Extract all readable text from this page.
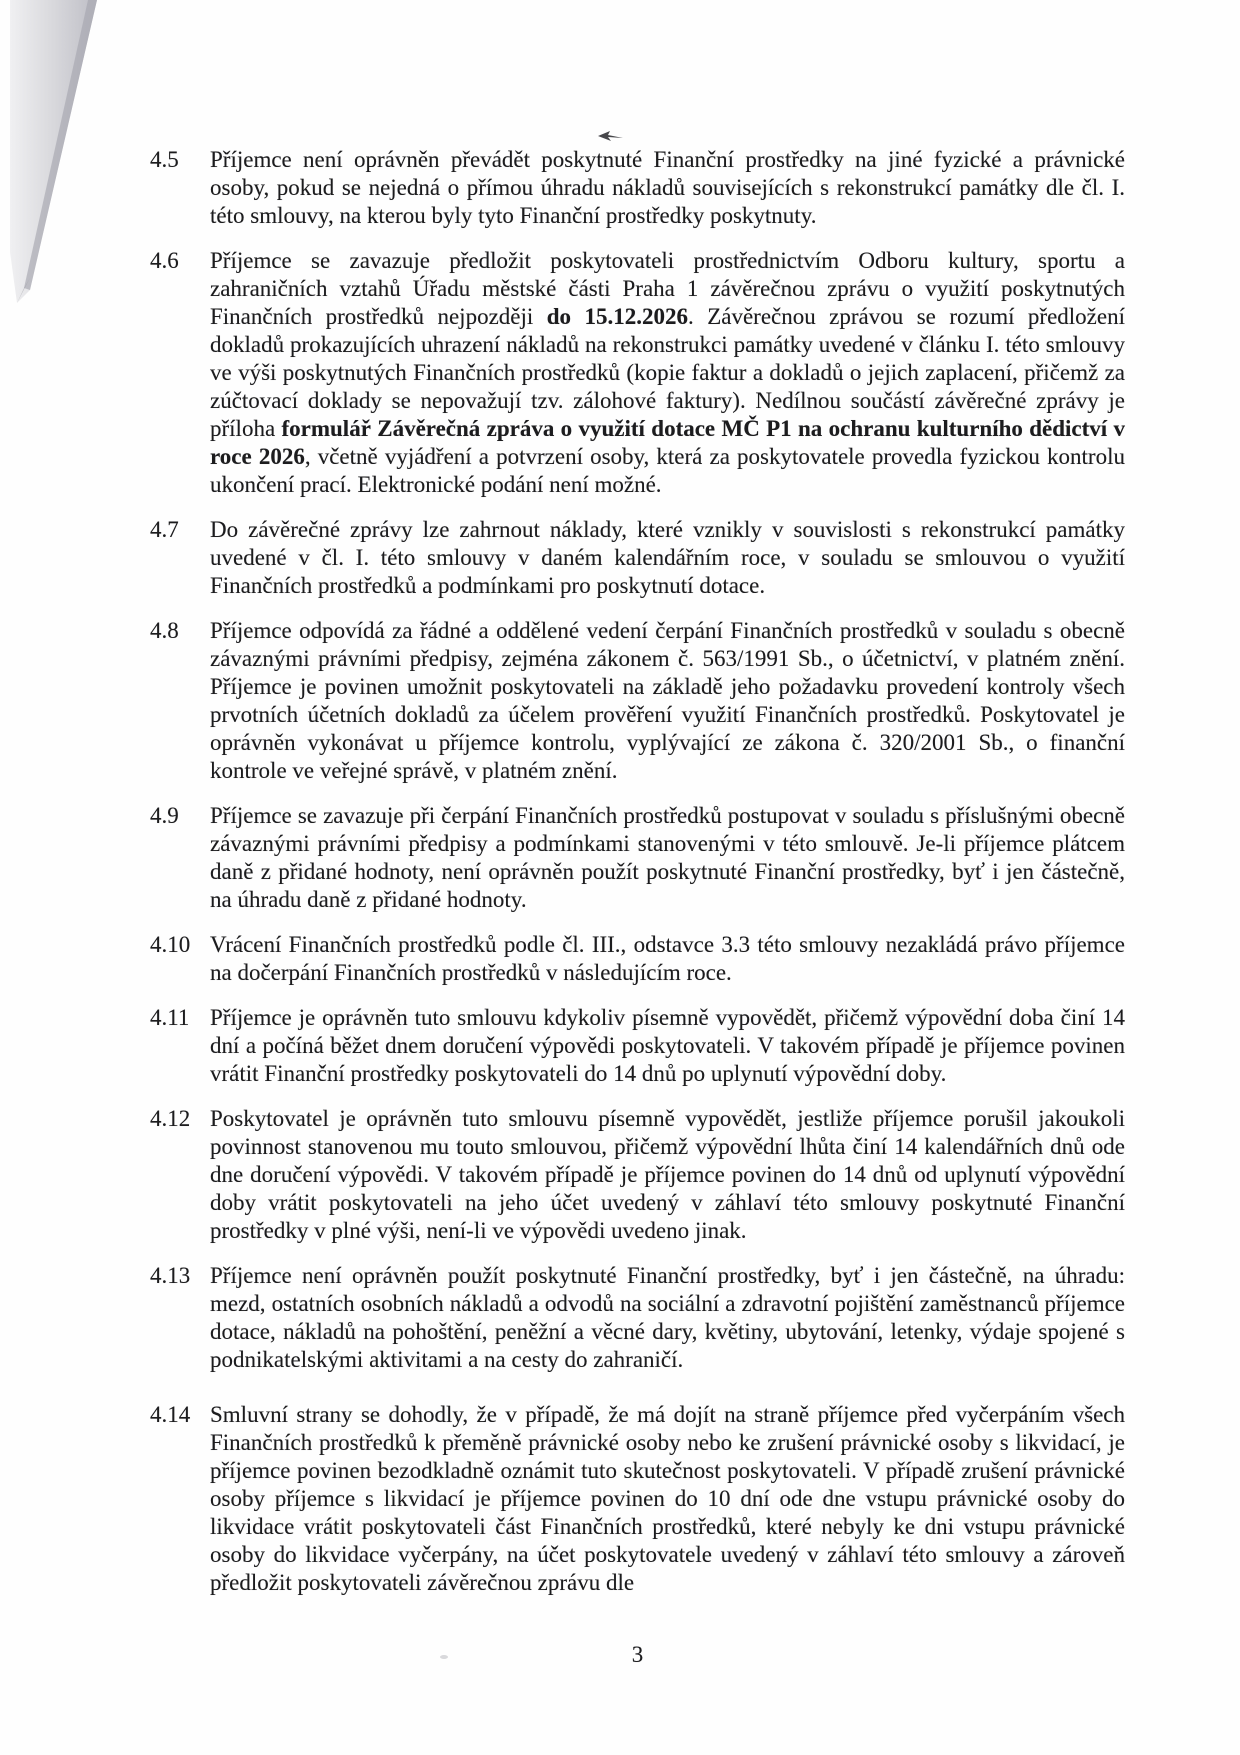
4.5 Příjemce není oprávněn převádět poskytnuté Finanční prostředky na jiné fyzické a právnické osoby, pokud se nejedná o přímou úhradu nákladů souvisejících s rekonstrukcí památky dle čl. I. této smlouvy, na kterou byly tyto Finanční prostředky poskytnuty.
4.6 Příjemce se zavazuje předložit poskytovateli prostřednictvím Odboru kultury, sportu a zahraničních vztahů Úřadu městské části Praha 1 závěrečnou zprávu o využití poskytnutých Finančních prostředků nejpozději do 15.12.2026. Závěrečnou zprávou se rozumí předložení dokladů prokazujících uhrazení nákladů na rekonstrukci památky uvedené v článku I. této smlouvy ve výši poskytnutých Finančních prostředků (kopie faktur a dokladů o jejich zaplacení, přičemž za zúčtovací doklady se nepovažují tzv. zálohové faktury). Nedílnou součástí závěrečné zprávy je příloha formulář Závěrečná zpráva o využití dotace MČ P1 na ochranu kulturního dědictví v roce 2026, včetně vyjádření a potvrzení osoby, která za poskytovatele provedla fyzickou kontrolu ukončení prací. Elektronické podání není možné.
4.7 Do závěrečné zprávy lze zahrnout náklady, které vznikly v souvislosti s rekonstrukcí památky uvedené v čl. I. této smlouvy v daném kalendářním roce, v souladu se smlouvou o využití Finančních prostředků a podmínkami pro poskytnutí dotace.
4.8 Příjemce odpovídá za řádné a oddělené vedení čerpání Finančních prostředků v souladu s obecně závaznými právními předpisy, zejména zákonem č. 563/1991 Sb., o účetnictví, v platném znění. Příjemce je povinen umožnit poskytovateli na základě jeho požadavku provedení kontroly všech prvotních účetních dokladů za účelem prověření využití Finančních prostředků. Poskytovatel je oprávněn vykonávat u příjemce kontrolu, vyplývající ze zákona č. 320/2001 Sb., o finanční kontrole ve veřejné správě, v platném znění.
4.9 Příjemce se zavazuje při čerpání Finančních prostředků postupovat v souladu s příslušnými obecně závaznými právními předpisy a podmínkami stanovenými v této smlouvě. Je-li příjemce plátcem daně z přidané hodnoty, není oprávněn použít poskytnuté Finanční prostředky, byť i jen částečně, na úhradu daně z přidané hodnoty.
4.10 Vrácení Finančních prostředků podle čl. III., odstavce 3.3 této smlouvy nezakládá právo příjemce na dočerpání Finančních prostředků v následujícím roce.
4.11 Příjemce je oprávněn tuto smlouvu kdykoliv písemně vypovědět, přičemž výpovědní doba činí 14 dní a počíná běžet dnem doručení výpovědi poskytovateli. V takovém případě je příjemce povinen vrátit Finanční prostředky poskytovateli do 14 dnů po uplynutí výpovědní doby.
4.12 Poskytovatel je oprávněn tuto smlouvu písemně vypovědět, jestliže příjemce porušil jakoukoli povinnost stanovenou mu touto smlouvou, přičemž výpovědní lhůta činí 14 kalendářních dnů ode dne doručení výpovědi. V takovém případě je příjemce povinen do 14 dnů od uplynutí výpovědní doby vrátit poskytovateli na jeho účet uvedený v záhlaví této smlouvy poskytnuté Finanční prostředky v plné výši, není-li ve výpovědi uvedeno jinak.
4.13 Příjemce není oprávněn použít poskytnuté Finanční prostředky, byť i jen částečně, na úhradu: mezd, ostatních osobních nákladů a odvodů na sociální a zdravotní pojištění zaměstnanců příjemce dotace, nákladů na pohoštění, peněžní a věcné dary, květiny, ubytování, letenky, výdaje spojené s podnikatelskými aktivitami a na cesty do zahraničí.
4.14 Smluvní strany se dohodly, že v případě, že má dojít na straně příjemce před vyčerpáním všech Finančních prostředků k přeměně právnické osoby nebo ke zrušení právnické osoby s likvidací, je příjemce povinen bezodkladně oznámit tuto skutečnost poskytovateli. V případě zrušení právnické osoby příjemce s likvidací je příjemce povinen do 10 dní ode dne vstupu právnické osoby do likvidace vrátit poskytovateli část Finančních prostředků, které nebyly ke dni vstupu právnické osoby do likvidace vyčerpány, na účet poskytovatele uvedený v záhlaví této smlouvy a zároveň předložit poskytovateli závěrečnou zprávu dle
3
